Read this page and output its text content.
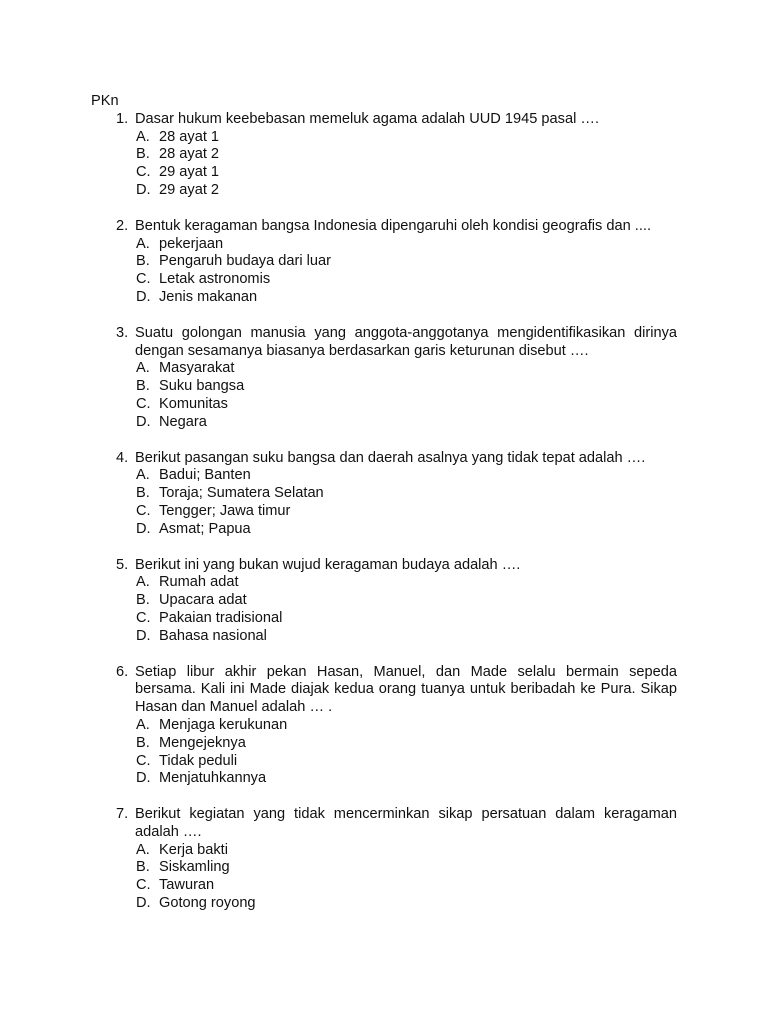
PKn

1. Dasar hukum keebebasan memeluk agama adalah UUD 1945 pasal ….
A. 28 ayat 1
B. 28 ayat 2
C. 29 ayat 1
D. 29 ayat 2
2. Bentuk keragaman bangsa Indonesia dipengaruhi oleh kondisi geografis dan ....
A. pekerjaan
B. Pengaruh budaya dari luar
C. Letak astronomis
D. Jenis makanan
3. Suatu golongan manusia yang anggota-anggotanya mengidentifikasikan dirinya dengan sesamanya biasanya berdasarkan garis keturunan disebut ….
A. Masyarakat
B. Suku bangsa
C. Komunitas
D. Negara
4. Berikut pasangan suku bangsa dan daerah asalnya yang tidak tepat adalah ….
A. Badui; Banten
B. Toraja; Sumatera Selatan
C. Tengger; Jawa timur
D. Asmat; Papua
5. Berikut ini yang bukan wujud keragaman budaya adalah ….
A. Rumah adat
B. Upacara adat
C. Pakaian tradisional
D. Bahasa nasional
6. Setiap libur akhir pekan Hasan, Manuel, dan Made selalu bermain sepeda bersama. Kali ini Made diajak kedua orang tuanya untuk beribadah ke Pura. Sikap Hasan dan Manuel adalah … .
A. Menjaga kerukunan
B. Mengejeknya
C. Tidak peduli
D. Menjatuhkannya
7. Berikut kegiatan yang tidak mencerminkan sikap persatuan dalam keragaman adalah ….
A. Kerja bakti
B. Siskamling
C. Tawuran
D. Gotong royong
